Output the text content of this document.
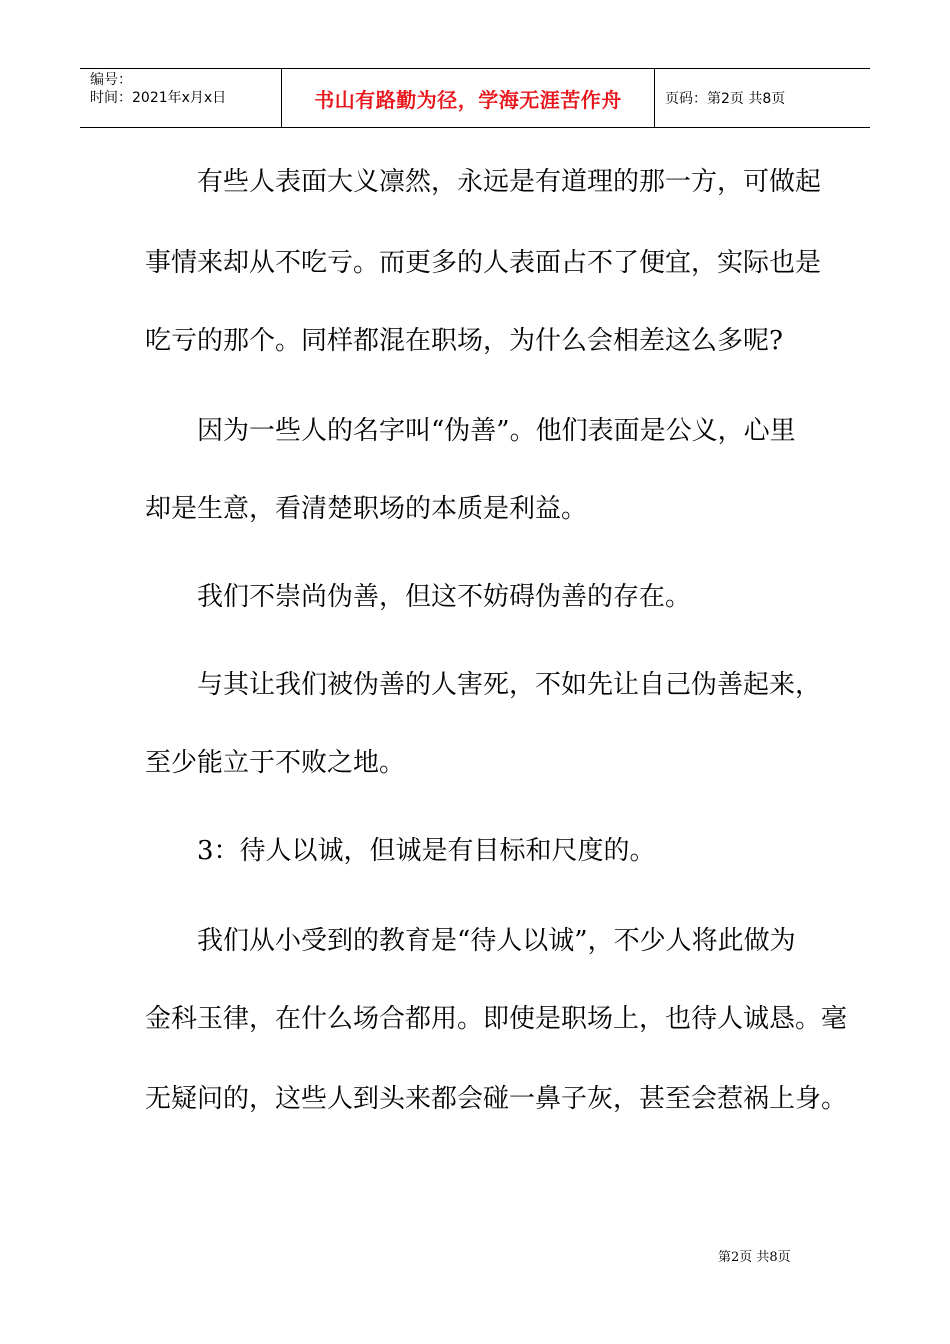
编号：
时间：2021年x月x日	书山有路勤为径，学海无涯苦作舟	页码：第2页 共8页
有些人表面大义凛然，永远是有道理的那一方，可做起
事情来却从不吃亏。而更多的人表面占不了便宜，实际也是
吃亏的那个。同样都混在职场，为什么会相差这么多呢?
因为一些人的名字叫“伪善”。他们表面是公义，心里
却是生意，看清楚职场的本质是利益。
我们不崇尚伪善，但这不妨碍伪善的存在。
与其让我们被伪善的人害死，不如先让自己伪善起来，
至少能立于不败之地。
3：待人以诚，但诚是有目标和尺度的。
我们从小受到的教育是“待人以诚”，不少人将此做为
金科玉律，在什么场合都用。即使是职场上，也待人诚恳。毫
无疑问的，这些人到头来都会碰一鼻子灰，甚至会惹祸上身。
第2页 共8页
